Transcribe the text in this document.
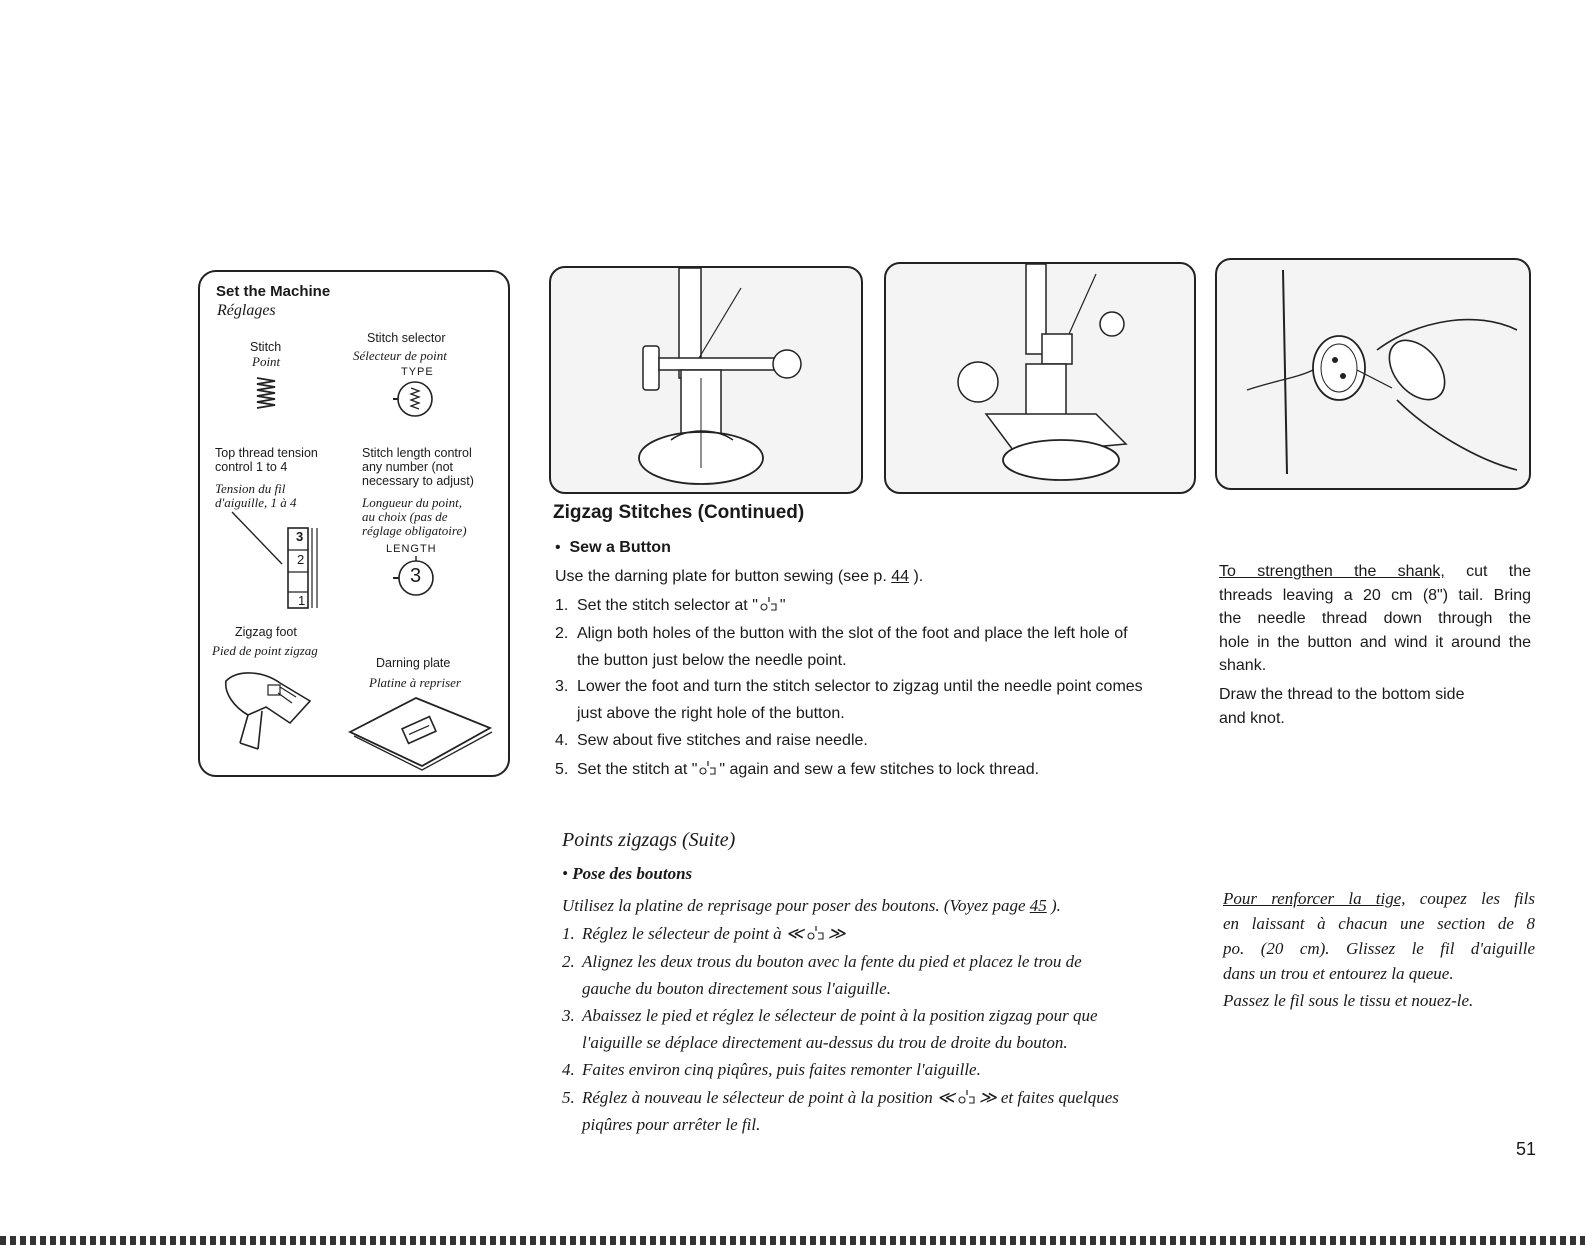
Set the Machine
Réglages
Stitch
Point
Stitch selector
Sélecteur de point
TYPE
Top thread tension
control 1 to 4
Tension du fil
d'aiguille, 1 à 4
3
2
1
Stitch length control
any number (not
necessary to adjust)
Longueur du point,
au choix (pas de
réglage obligatoire)
LENGTH
3
Zigzag foot
Pied de point zigzag
Darning plate
Platine à repriser
Zigzag Stitches (Continued)
• Sew a Button
Use the darning plate for button sewing (see p. 44 ).
1. Set the stitch selector at " "
2. Align both holes of the button with the slot of the foot and place the left hole of
the button just below the needle point.
3. Lower the foot and turn the stitch selector to zigzag until the needle point comes
just above the right hole of the button.
4. Sew about five stitches and raise needle.
5. Set the stitch at " " again and sew a few stitches to lock thread.
To strengthen the shank, cut the
threads leaving a 20 cm (8") tail. Bring
the needle thread down through the
hole in the button and wind it around the
shank.
Draw the thread to the bottom side
and knot.
Points zigzags (Suite)
• Pose des boutons
Utilisez la platine de reprisage pour poser des boutons. (Voyez page 45 ).
1. Réglez le sélecteur de point à ≪ ≫
2. Alignez les deux trous du bouton avec la fente du pied et placez le trou de
gauche du bouton directement sous l'aiguille.
3. Abaissez le pied et réglez le sélecteur de point à la position zigzag pour que
l'aiguille se déplace directement au-dessus du trou de droite du bouton.
4. Faites environ cinq piqûres, puis faites remonter l'aiguille.
5. Réglez à nouveau le sélecteur de point à la position ≪ ≫ et faites quelques
piqûres pour arrêter le fil.
Pour renforcer la tige, coupez les fils
en laissant à chacun une section de 8
po. (20 cm). Glissez le fil d'aiguille
dans un trou et entourez la queue.
Passez le fil sous le tissu et nouez-le.
51
